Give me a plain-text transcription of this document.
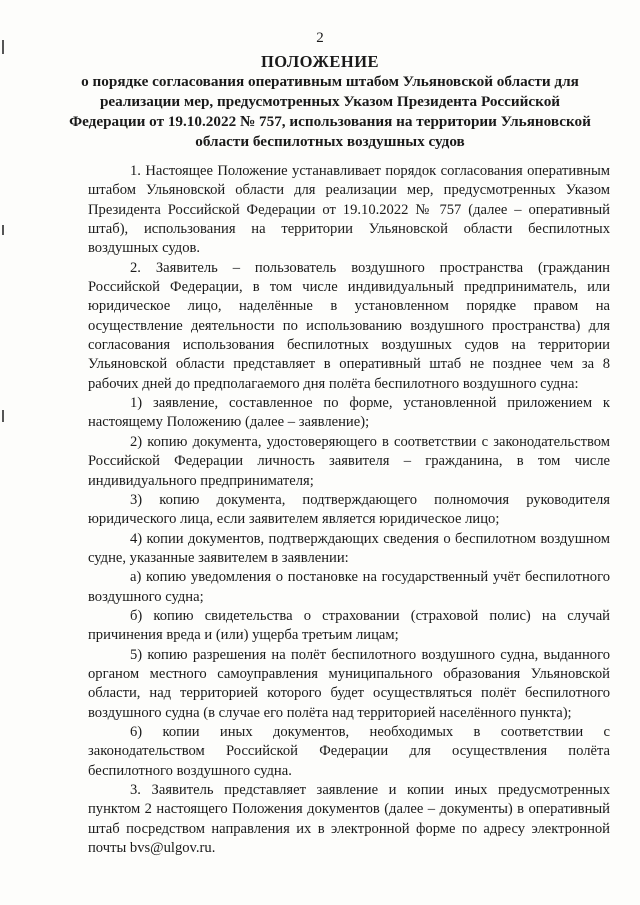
2
ПОЛОЖЕНИЕ
о порядке согласования оперативным штабом Ульяновской области для реализации мер, предусмотренных Указом Президента Российской Федерации от 19.10.2022 № 757, использования на территории Ульяновской области беспилотных воздушных судов

1. Настоящее Положение устанавливает порядок согласования оперативным штабом Ульяновской области для реализации мер, предусмотренных Указом Президента Российской Федерации от 19.10.2022 № 757 (далее – оперативный штаб), использования на территории Ульяновской области беспилотных воздушных судов.

2. Заявитель – пользователь воздушного пространства (гражданин Российской Федерации, в том числе индивидуальный предприниматель, или юридическое лицо, наделённые в установленном порядке правом на осуществление деятельности по использованию воздушного пространства) для согласования использования беспилотных воздушных судов на территории Ульяновской области представляет в оперативный штаб не позднее чем за 8 рабочих дней до предполагаемого дня полёта беспилотного воздушного судна:

1) заявление, составленное по форме, установленной приложением к настоящему Положению (далее – заявление);

2) копию документа, удостоверяющего в соответствии с законодательством Российской Федерации личность заявителя – гражданина, в том числе индивидуального предпринимателя;

3) копию документа, подтверждающего полномочия руководителя юридического лица, если заявителем является юридическое лицо;

4) копии документов, подтверждающих сведения о беспилотном воздушном судне, указанные заявителем в заявлении:

а) копию уведомления о постановке на государственный учёт беспилотного воздушного судна;

б) копию свидетельства о страховании (страховой полис) на случай причинения вреда и (или) ущерба третьим лицам;

5) копию разрешения на полёт беспилотного воздушного судна, выданного органом местного самоуправления муниципального образования Ульяновской области, над территорией которого будет осуществляться полёт беспилотного воздушного судна (в случае его полёта над территорией населённого пункта);

6) копии иных документов, необходимых в соответствии с законодательством Российской Федерации для осуществления полёта беспилотного воздушного судна.

3. Заявитель представляет заявление и копии иных предусмотренных пунктом 2 настоящего Положения документов (далее – документы) в оперативный штаб посредством направления их в электронной форме по адресу электронной почты bvs@ulgov.ru.
